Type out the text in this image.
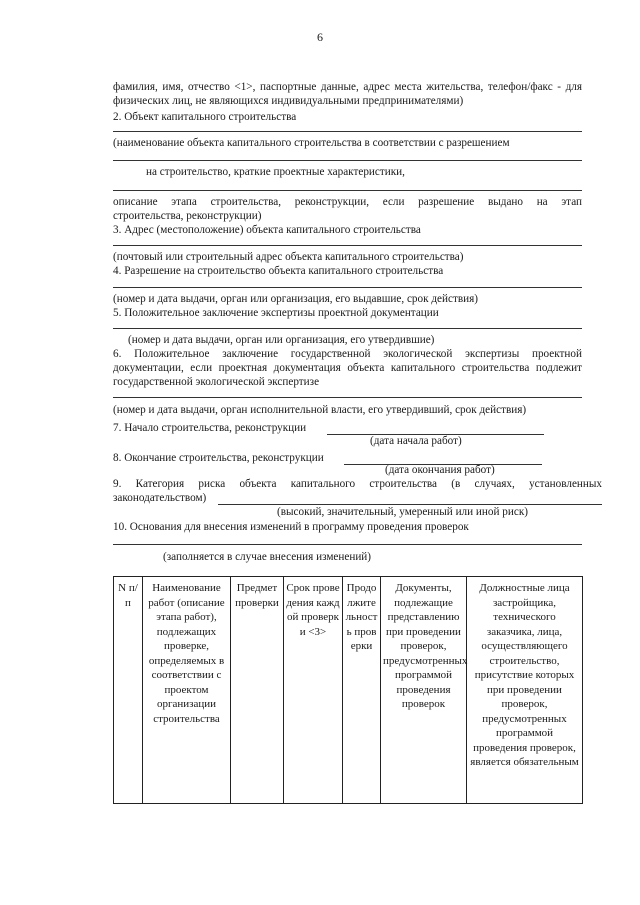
6
фамилия, имя, отчество <1>, паспортные данные, адрес места жительства, телефон/факс - для
физических лиц, не являющихся индивидуальными предпринимателями)
2. Объект капитального строительства
(наименование объекта капитального строительства в соответствии с разрешением
на строительство, краткие проектные характеристики,
описание этапа строительства, реконструкции, если разрешение выдано на этап
строительства, реконструкции)
3. Адрес (местоположение) объекта капитального строительства
(почтовый или строительный адрес объекта капитального строительства)
4. Разрешение на строительство объекта капитального строительства
(номер и дата выдачи, орган или организация, его выдавшие, срок действия)
5. Положительное заключение экспертизы проектной документации
(номер и дата выдачи, орган или организация, его утвердившие)
6. Положительное заключение государственной экологической экспертизы проектной
документации, если проектная документация объекта капитального строительства подлежит
государственной экологической экспертизе
(номер и дата выдачи, орган исполнительной власти, его утвердивший, срок действия)
7. Начало строительства, реконструкции
(дата начала работ)
8. Окончание строительства, реконструкции
(дата окончания работ)
9. Категория риска объекта капитального строительства (в случаях, установленных
законодательством)
(высокий, значительный, умеренный или иной риск)
10. Основания для внесения изменений в программу проведения проверок
(заполняется в случае внесения изменений)
N п/п	Наименование работ (описание этапа работ), подлежащих проверке, определяемых в соответствии с проектом организации строительства	Предмет проверки	Срок проведения каждой проверки <3>	Продолжительность проверки	Документы, подлежащие представлению при проведении проверок, предусмотренных программой проведения проверок	Должностные лица застройщика, технического заказчика, лица, осуществляющего строительство, присутствие которых при проведении проверок, предусмотренных программой проведения проверок, является обязательным
